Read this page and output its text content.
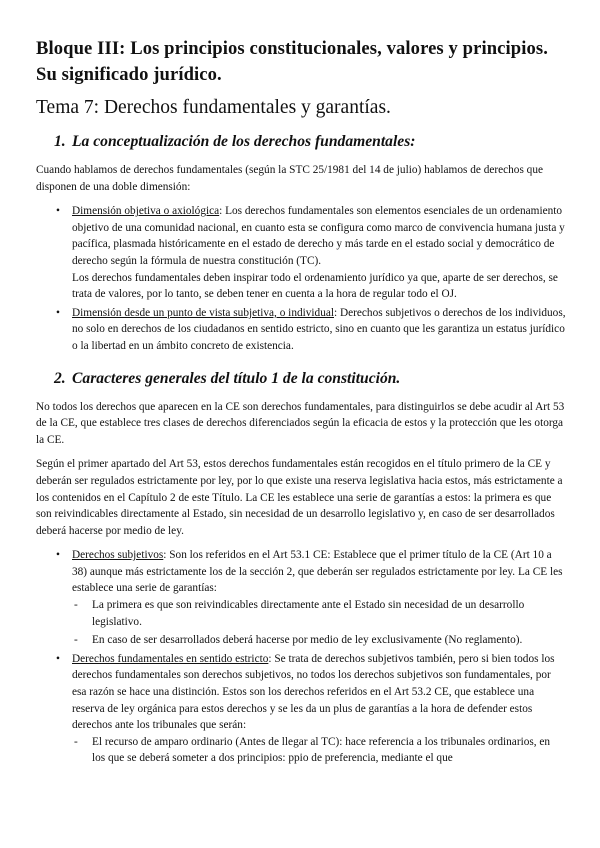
Bloque III: Los principios constitucionales, valores y principios. Su significado jurídico.
Tema 7: Derechos fundamentales y garantías.
1. La conceptualización de los derechos fundamentales:

Cuando hablamos de derechos fundamentales (según la STC 25/1981 del 14 de julio) hablamos de derechos que disponen de una doble dimensión:

• Dimensión objetiva o axiológica: Los derechos fundamentales son elementos esenciales de un ordenamiento objetivo de una comunidad nacional, en cuanto esta se configura como marco de convivencia humana justa y pacífica, plasmada históricamente en el estado de derecho y más tarde en el estado social y democrático de derecho según la fórmula de nuestra constitución (TC).
Los derechos fundamentales deben inspirar todo el ordenamiento jurídico ya que, aparte de ser derechos, se trata de valores, por lo tanto, se deben tener en cuenta a la hora de regular todo el OJ.
• Dimensión desde un punto de vista subjetiva, o individual: Derechos subjetivos o derechos de los individuos, no solo en derechos de los ciudadanos en sentido estricto, sino en cuanto que les garantiza un estatus jurídico o la libertad en un ámbito concreto de existencia.
2. Caracteres generales del título 1 de la constitución.

No todos los derechos que aparecen en la CE son derechos fundamentales, para distinguirlos se debe acudir al Art 53 de la CE, que establece tres clases de derechos diferenciados según la eficacia de estos y la protección que les otorga la CE.

Según el primer apartado del Art 53, estos derechos fundamentales están recogidos en el título primero de la CE y deberán ser regulados estrictamente por ley, por lo que existe una reserva legislativa hacia estos, más estrictamente a los contenidos en el Capítulo 2 de este Título. La CE les establece una serie de garantías a estos: la primera es que son reivindicables directamente al Estado, sin necesidad de un desarrollo legislativo y, en caso de ser desarrollados deberá hacerse por medio de ley.

• Derechos subjetivos: Son los referidos en el Art 53.1 CE: Establece que el primer título de la CE (Art 10 a 38) aunque más estrictamente los de la sección 2, que deberán ser regulados estrictamente por ley. La CE les establece una serie de garantías:
- La primera es que son reivindicables directamente ante el Estado sin necesidad de un desarrollo legislativo.
- En caso de ser desarrollados deberá hacerse por medio de ley exclusivamente (No reglamento).
• Derechos fundamentales en sentido estricto: Se trata de derechos subjetivos también, pero si bien todos los derechos fundamentales son derechos subjetivos, no todos los derechos subjetivos son fundamentales, por esa razón se hace una distinción. Estos son los derechos referidos en el Art 53.2 CE, que establece una reserva de ley orgánica para estos derechos y se les da un plus de garantías a la hora de defender estos derechos ante los tribunales que serán:
- El recurso de amparo ordinario (Antes de llegar al TC): hace referencia a los tribunales ordinarios, en los que se deberá someter a dos principios: ppio de preferencia, mediante el que
